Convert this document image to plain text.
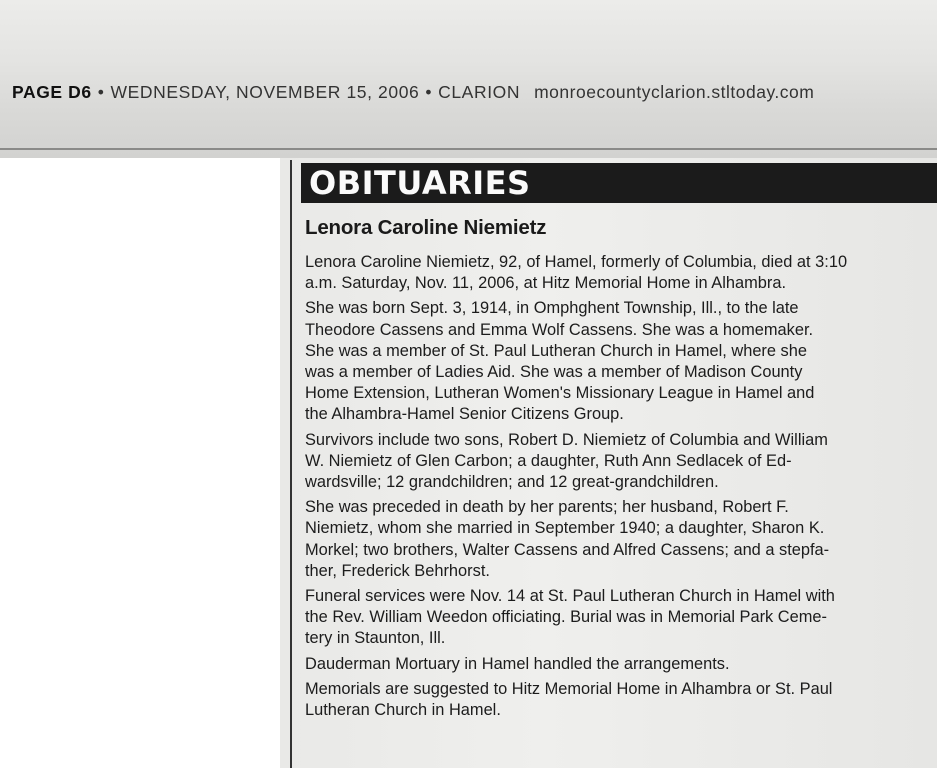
PAGE D6 • WEDNESDAY, NOVEMBER 15, 2006 • CLARION monroecountyclarion.stltoday.com
OBITUARIES
Lenora Caroline Niemietz

Lenora Caroline Niemietz, 92, of Hamel, formerly of Columbia, died at 3:10
a.m. Saturday, Nov. 11, 2006, at Hitz Memorial Home in Alhambra.

She was born Sept. 3, 1914, in Omphghent Township, Ill., to the late
Theodore Cassens and Emma Wolf Cassens. She was a homemaker.
She was a member of St. Paul Lutheran Church in Hamel, where she
was a member of Ladies Aid. She was a member of Madison County
Home Extension, Lutheran Women's Missionary League in Hamel and
the Alhambra-Hamel Senior Citizens Group.

Survivors include two sons, Robert D. Niemietz of Columbia and William
W. Niemietz of Glen Carbon; a daughter, Ruth Ann Sedlacek of Ed-
wardsville; 12 grandchildren; and 12 great-grandchildren.

She was preceded in death by her parents; her husband, Robert F.
Niemietz, whom she married in September 1940; a daughter, Sharon K.
Morkel; two brothers, Walter Cassens and Alfred Cassens; and a stepfa-
ther, Frederick Behrhorst.

Funeral services were Nov. 14 at St. Paul Lutheran Church in Hamel with
the Rev. William Weedon officiating. Burial was in Memorial Park Ceme-
tery in Staunton, Ill.

Dauderman Mortuary in Hamel handled the arrangements.

Memorials are suggested to Hitz Memorial Home in Alhambra or St. Paul
Lutheran Church in Hamel.
